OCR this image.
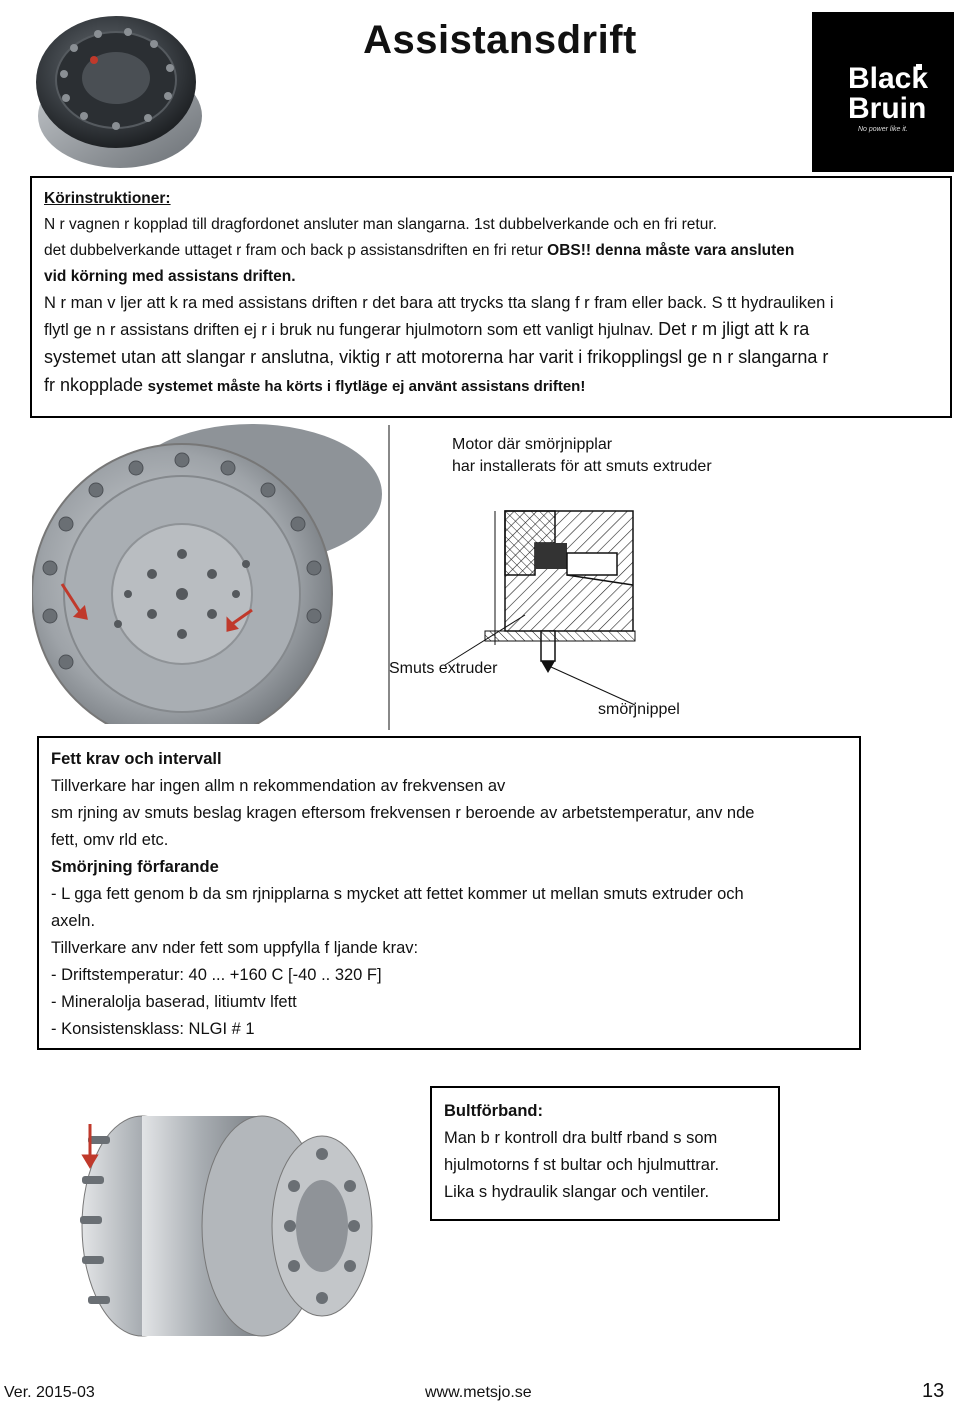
Assistansdrift
Black
Bruin
No power like it.
Körinstruktioner:
N r vagnen r kopplad till dragfordonet ansluter man slangarna. 1st dubbelverkande och en fri retur.
det dubbelverkande uttaget r fram och back p assistansdriften en fri retur OBS!! denna måste vara ansluten
vid körning med assistans driften.
N r man v ljer att k ra med assistans driften r det bara att trycks tta slang f r fram eller back. S tt hydrauliken i
flytl ge n r assistans driften ej r i bruk nu fungerar hjulmotorn som ett vanligt hjulnav. Det r m jligt att k ra
systemet utan att slangar r anslutna, viktig r att motorerna har varit i frikopplingsl ge n r slangarna r
fr nkopplade systemet måste ha körts i flytläge ej använt assistans driften!
Motor där smörjnipplar
har installerats för att smuts extruder
Smuts extruder
smörjnippel
Fett krav och intervall
Tillverkare har ingen allm n rekommendation av frekvensen av
sm rjning av smuts beslag kragen eftersom frekvensen r beroende av arbetstemperatur, anv nde
fett, omv rld etc.
Smörjning förfarande
- L gga fett genom b da sm rjnipplarna s mycket att fettet kommer ut mellan smuts extruder och
axeln.
Tillverkare anv nder fett som uppfylla f ljande krav:
- Driftstemperatur: 40 ... +160 C [-40 .. 320 F]
- Mineralolja baserad, litiumtv lfett
- Konsistensklass: NLGI # 1
Bultförband:
Man b r kontroll dra bultf rband s som
hjulmotorns f st bultar och hjulmuttrar.
Lika s hydraulik slangar och ventiler.
Ver. 2015-03	www.metsjo.se	13
